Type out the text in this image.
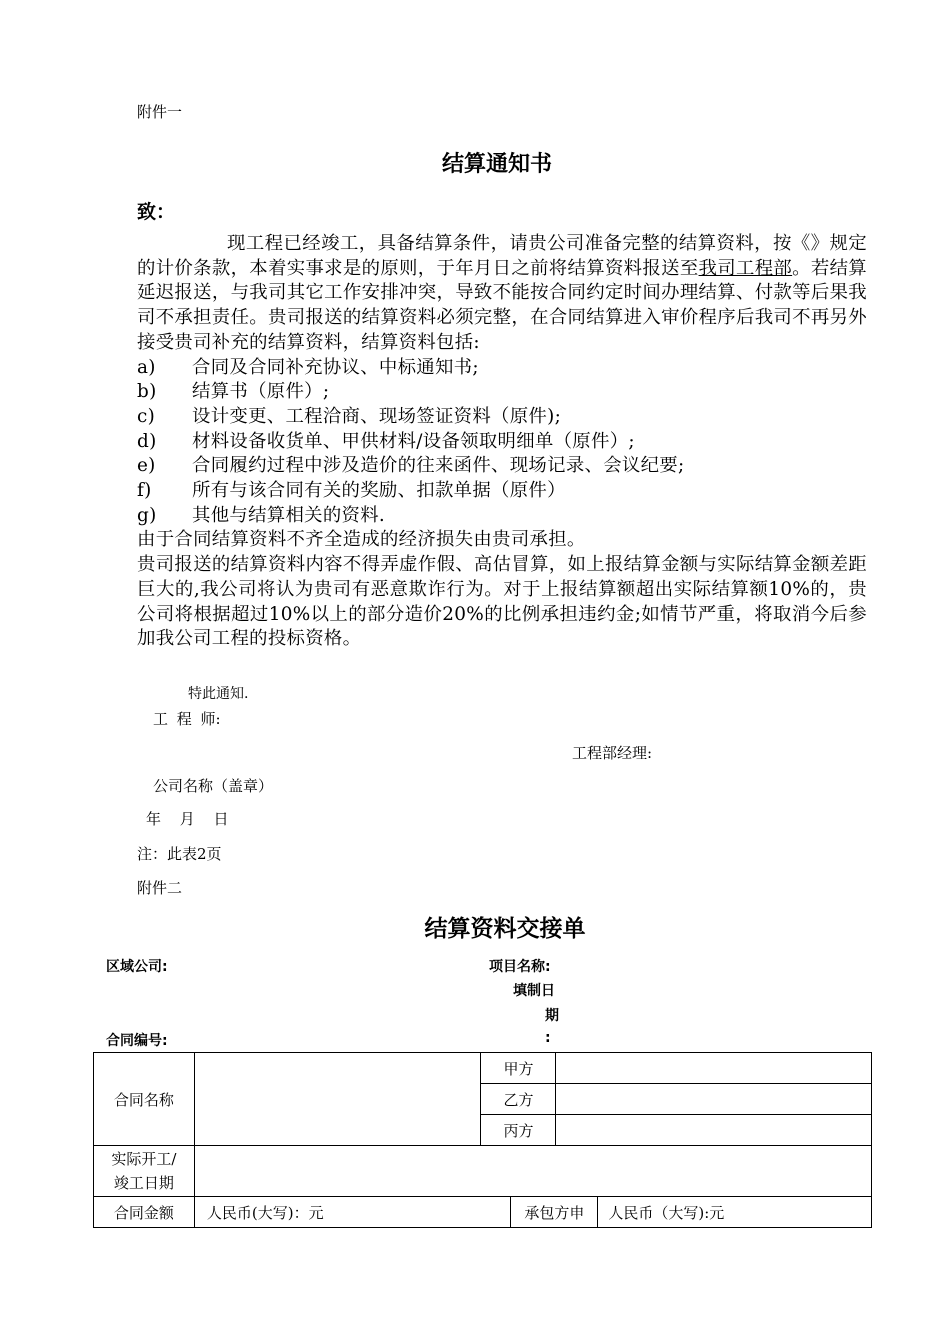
附件一
结算通知书
致：

现工程已经竣工，具备结算条件，请贵公司准备完整的结算资料，按《》规定的计价条款，本着实事求是的原则，于年月日之前将结算资料报送至我司工程部。若结算延迟报送，与我司其它工作安排冲突，导致不能按合同约定时间办理结算、付款等后果我司不承担责任。贵司报送的结算资料必须完整，在合同结算进入审价程序后我司不再另外接受贵司补充的结算资料，结算资料包括:

a)	合同及合同补充协议、中标通知书;
b)	结算书（原件）;
c)	设计变更、工程洽商、现场签证资料（原件);
d)	材料设备收货单、甲供材料/设备领取明细单（原件）;
e)	合同履约过程中涉及造价的往来函件、现场记录、会议纪要;
f)	所有与该合同有关的奖励、扣款单据（原件）
g)	其他与结算相关的资料.

由于合同结算资料不齐全造成的经济损失由贵司承担。

贵司报送的结算资料内容不得弄虚作假、高估冒算，如上报结算金额与实际结算金额差距巨大的,我公司将认为贵司有恶意欺诈行为。对于上报结算额超出实际结算额10%的，贵公司将根据超过10%以上的部分造价20%的比例承担违约金;如情节严重，将取消今后参加我公司工程的投标资格。

特此通知.
工 程 师:
工程部经理:
公司名称（盖章）
年 月 日
注：此表2页
附件二
结算资料交接单
区域公司:	项目名称:
填制日
期
:
合同编号:
合同名称		甲方			
		乙方			
		丙方			
实际开工/
竣工日期					
合同金额	人民币(大写)：元		承包方申		人民币（大写):元
